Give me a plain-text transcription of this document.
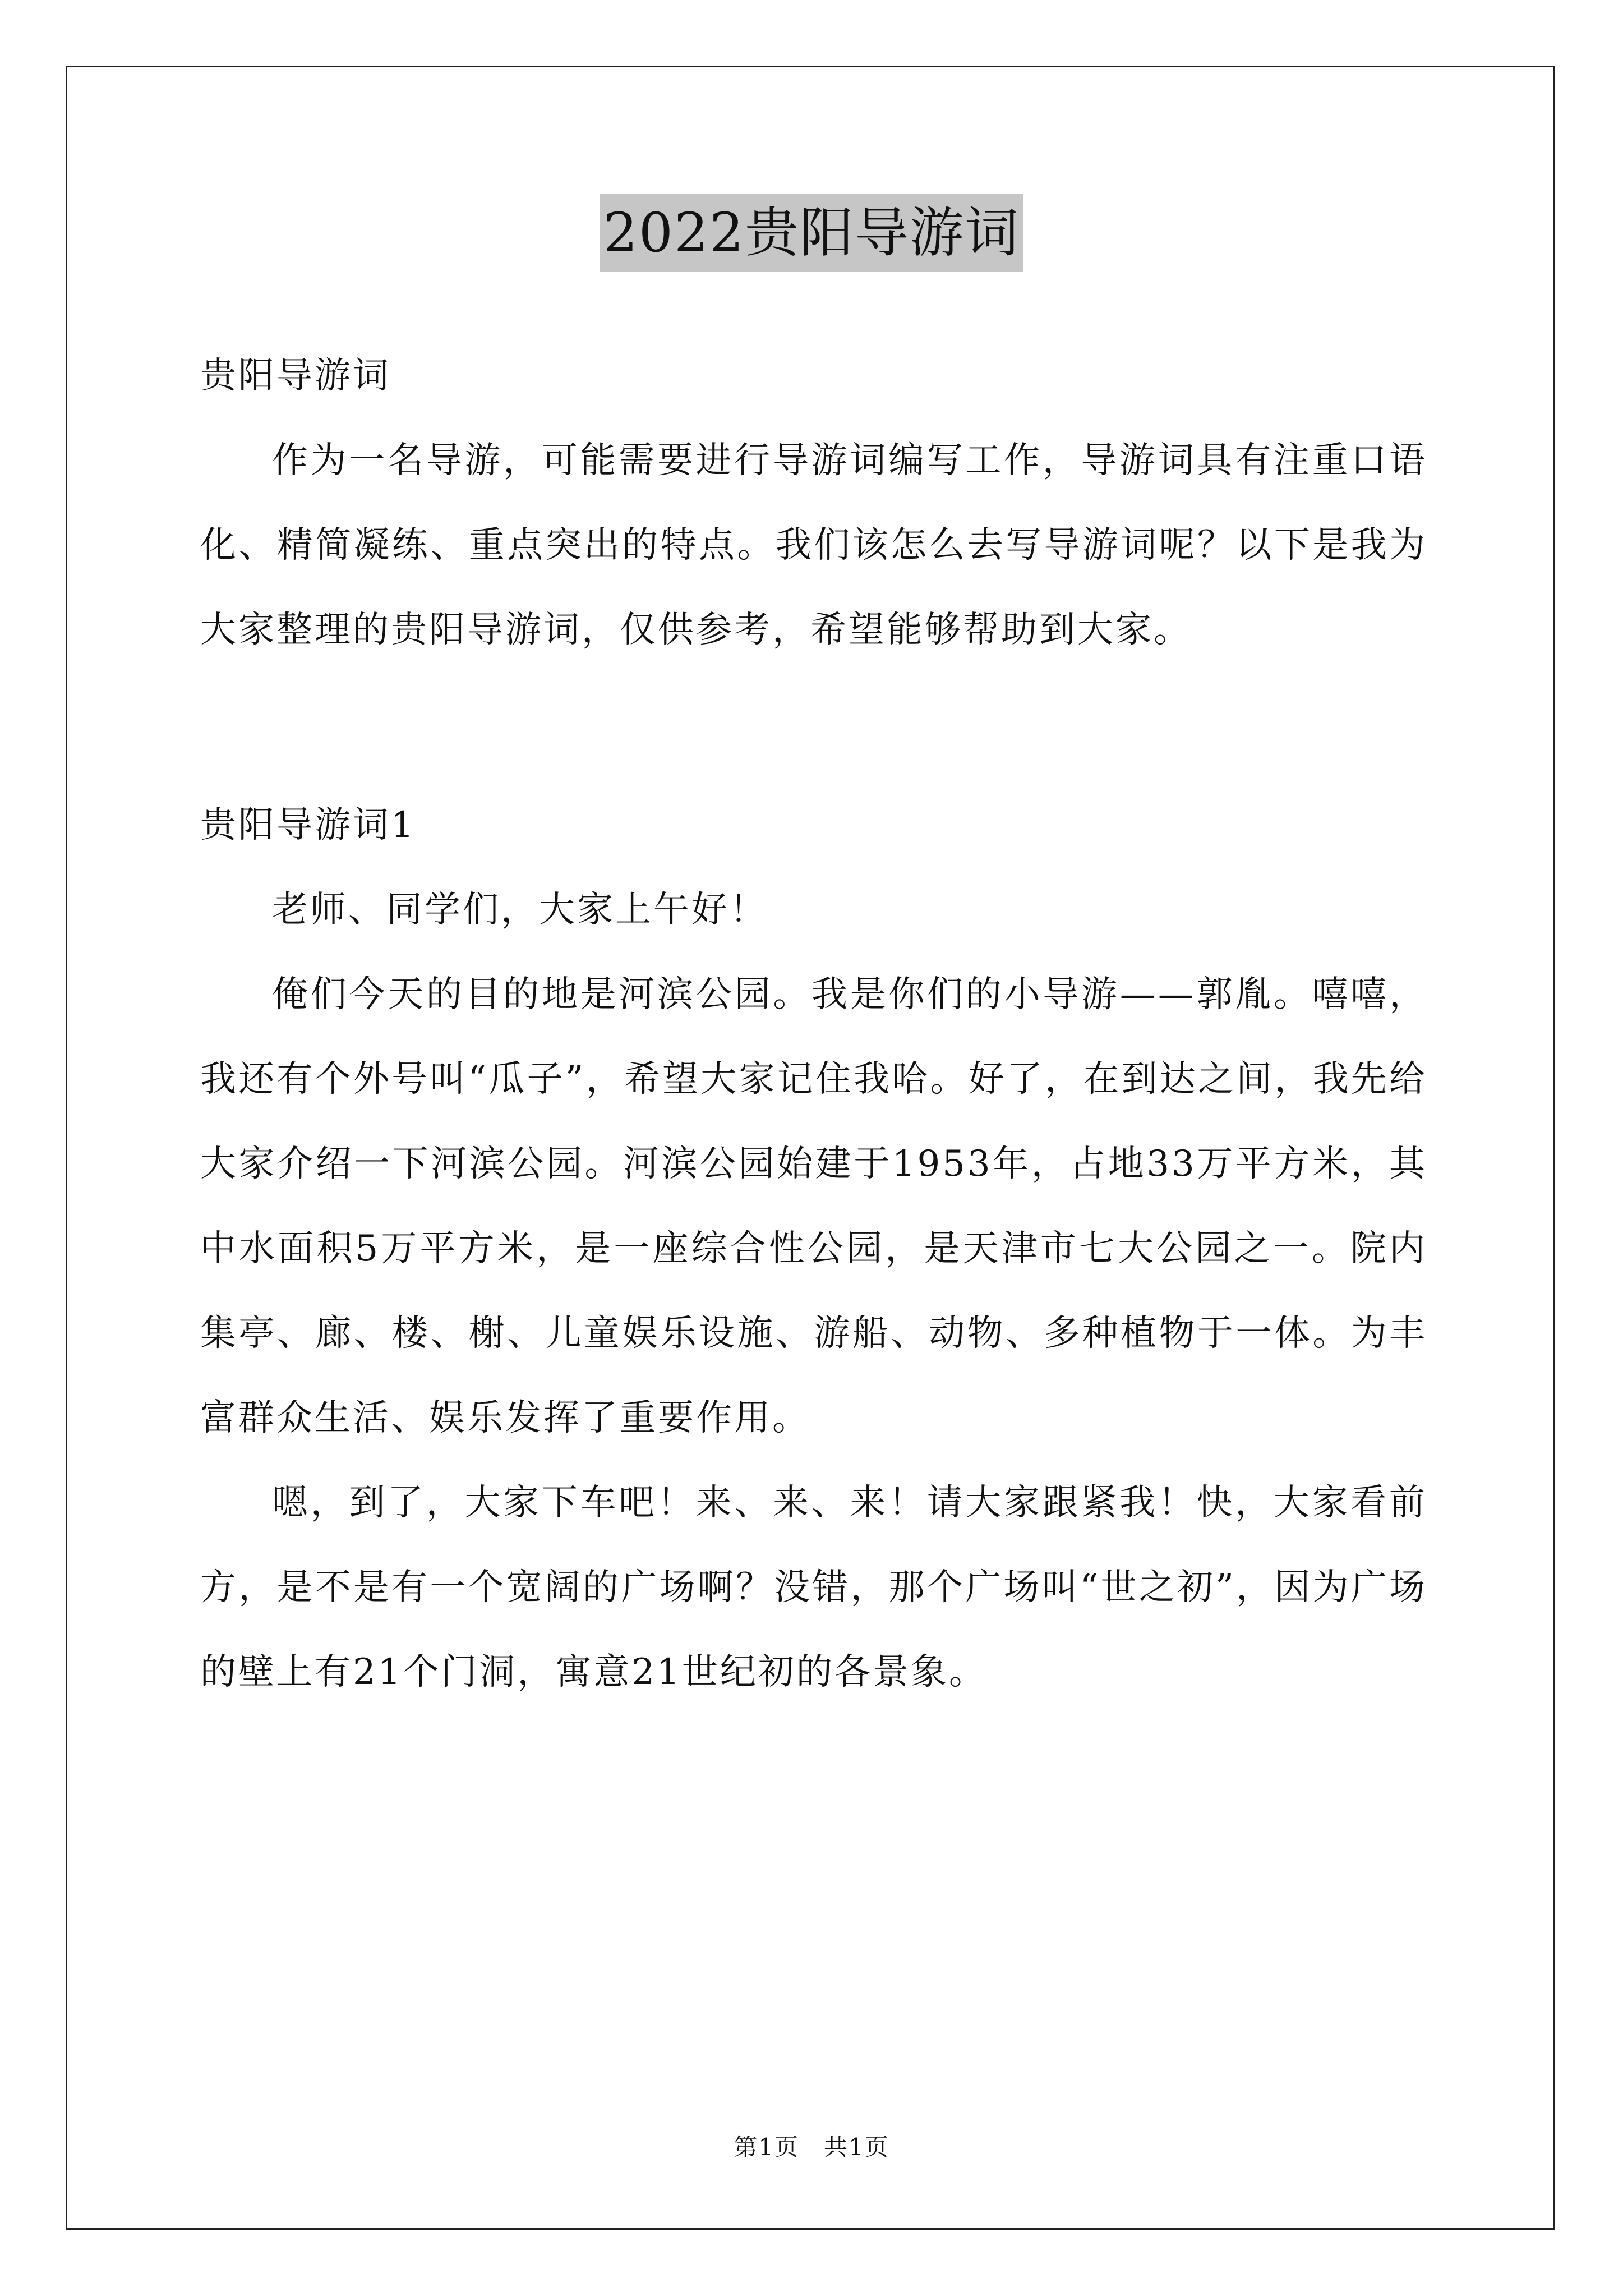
2022贵阳导游词

贵阳导游词

作为一名导游，可能需要进行导游词编写工作，导游词具有注重口语化、精简凝练、重点突出的特点。我们该怎么去写导游词呢？以下是我为大家整理的贵阳导游词，仅供参考，希望能够帮助到大家。

贵阳导游词1

老师、同学们，大家上午好！

俺们今天的目的地是河滨公园。我是你们的小导游——郭胤。嘻嘻，我还有个外号叫“瓜子”，希望大家记住我哈。好了，在到达之间，我先给大家介绍一下河滨公园。河滨公园始建于1953年，占地33万平方米，其中水面积5万平方米，是一座综合性公园，是天津市七大公园之一。院内集亭、廊、楼、榭、儿童娱乐设施、游船、动物、多种植物于一体。为丰富群众生活、娱乐发挥了重要作用。

嗯，到了，大家下车吧！来、来、来！请大家跟紧我！快，大家看前方，是不是有一个宽阔的广场啊？没错，那个广场叫“世之初”，因为广场的壁上有21个门洞，寓意21世纪初的各景象。

第1页　共1页
